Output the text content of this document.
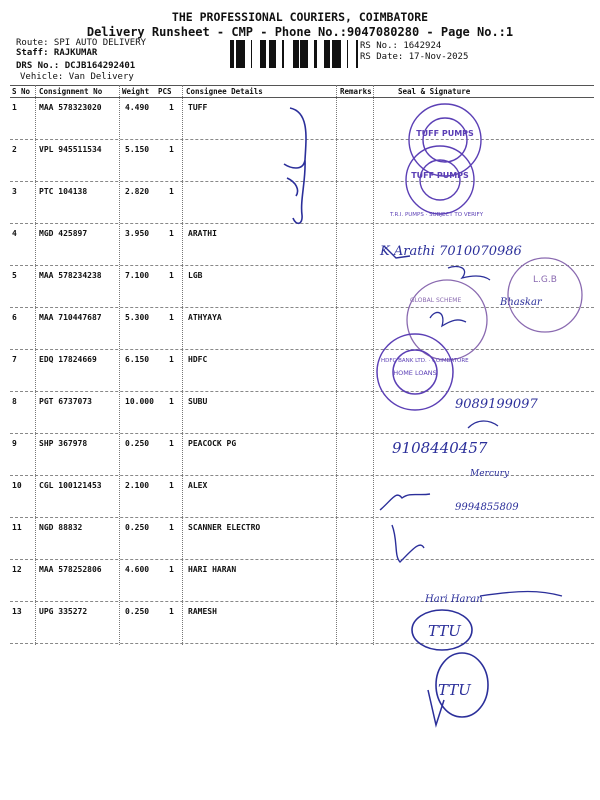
THE PROFESSIONAL COURIERS, COIMBATORE
Delivery Runsheet - CMP - Phone No.:9047080280 - Page No.:1
Route: SPI AUTO DELIVERY
Staff: RAJKUMAR
DRS No.: DCJB164292401
Vehicle: Van Delivery
RS No.: 1642924
RS Date: 17-Nov-2025
S No Consignment No	Weight PCS Consignee Details	Remarks	Seal & Signature
1	MAA 578323020	4.490 1 TUFF
2	VPL 945511534	5.150 1
3	PTC 104138	2.820 1
4	MGD 425897	3.950 1 ARATHI
5	MAA 578234238	7.100 1 LGB
6	MAA 710447687	5.300 1 ATHYAYA
7	EDQ 17824669	6.150 1 HDFC
8	PGT 6737073	10.000 1 SUBU
9	SHP 367978	0.250 1 PEACOCK PG
10 CGL 100121453	2.100 1 ALEX
11 NGD 88832	0.250 1 SCANNER ELECTRO
12 MAA 578252806	4.600 1 HARI HARAN
13 UPG 335272	0.250 1 RAMESH
TUFF PUMPS
TUFF PUMPS
T.R.I. PUMPS · SUBJECT TO VERIFY
K Arathi 7010070986
Bhaskar
9089199097
9108440457
Mercury
9994855809
Hari Haran
L.G.B
GLOBAL SCHEME
HDFC BANK LTD. · COIMBATORE
HOME LOANS
TTU
TTU
